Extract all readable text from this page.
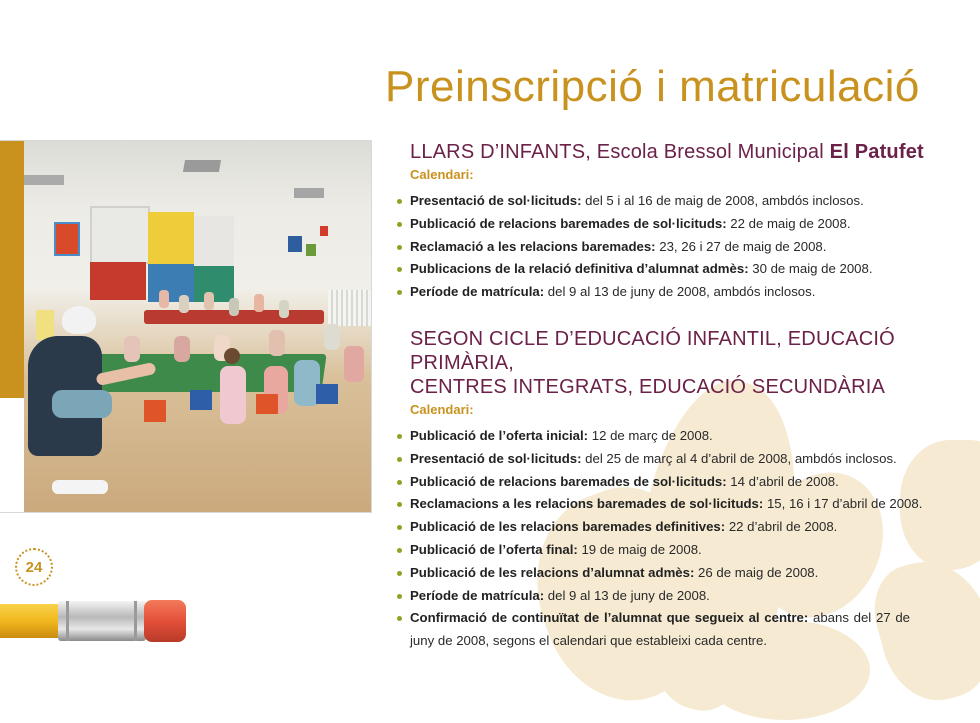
Preinscripció i matriculació
LLARS D’INFANTS, Escola Bressol Municipal El Patufet
Calendari:
Presentació de sol·licituds: del 5 i al 16 de maig de 2008, ambdós inclosos.
Publicació de relacions baremades de sol·licituds: 22 de maig de 2008.
Reclamació a les relacions baremades: 23, 26 i 27 de maig de 2008.
Publicacions de la relació definitiva d’alumnat admès: 30 de maig de 2008.
Període de matrícula: del 9 al 13 de juny de 2008, ambdós inclosos.
SEGON CICLE D’EDUCACIÓ INFANTIL, EDUCACIÓ PRIMÀRIA,
CENTRES INTEGRATS, EDUCACIÓ SECUNDÀRIA
Calendari:
Publicació de l’oferta inicial: 12 de març de 2008.
Presentació de sol·licituds: del 25 de març al 4 d’abril de 2008, ambdós inclosos.
Publicació de relacions baremades de sol·licituds: 14 d’abril de 2008.
Reclamacions a les relacions baremades de sol·licituds: 15, 16 i 17 d’abril de 2008.
Publicació de les relacions baremades definitives: 22 d’abril de 2008.
Publicació de l’oferta final: 19 de maig de 2008.
Publicació de les relacions d’alumnat admès: 26 de maig de 2008.
Període de matrícula: del 9 al 13 de juny de 2008.
Confirmació de continuïtat de l’alumnat que segueix al centre: abans del 27 de juny de 2008, segons el calendari que estableixi cada centre.
24
